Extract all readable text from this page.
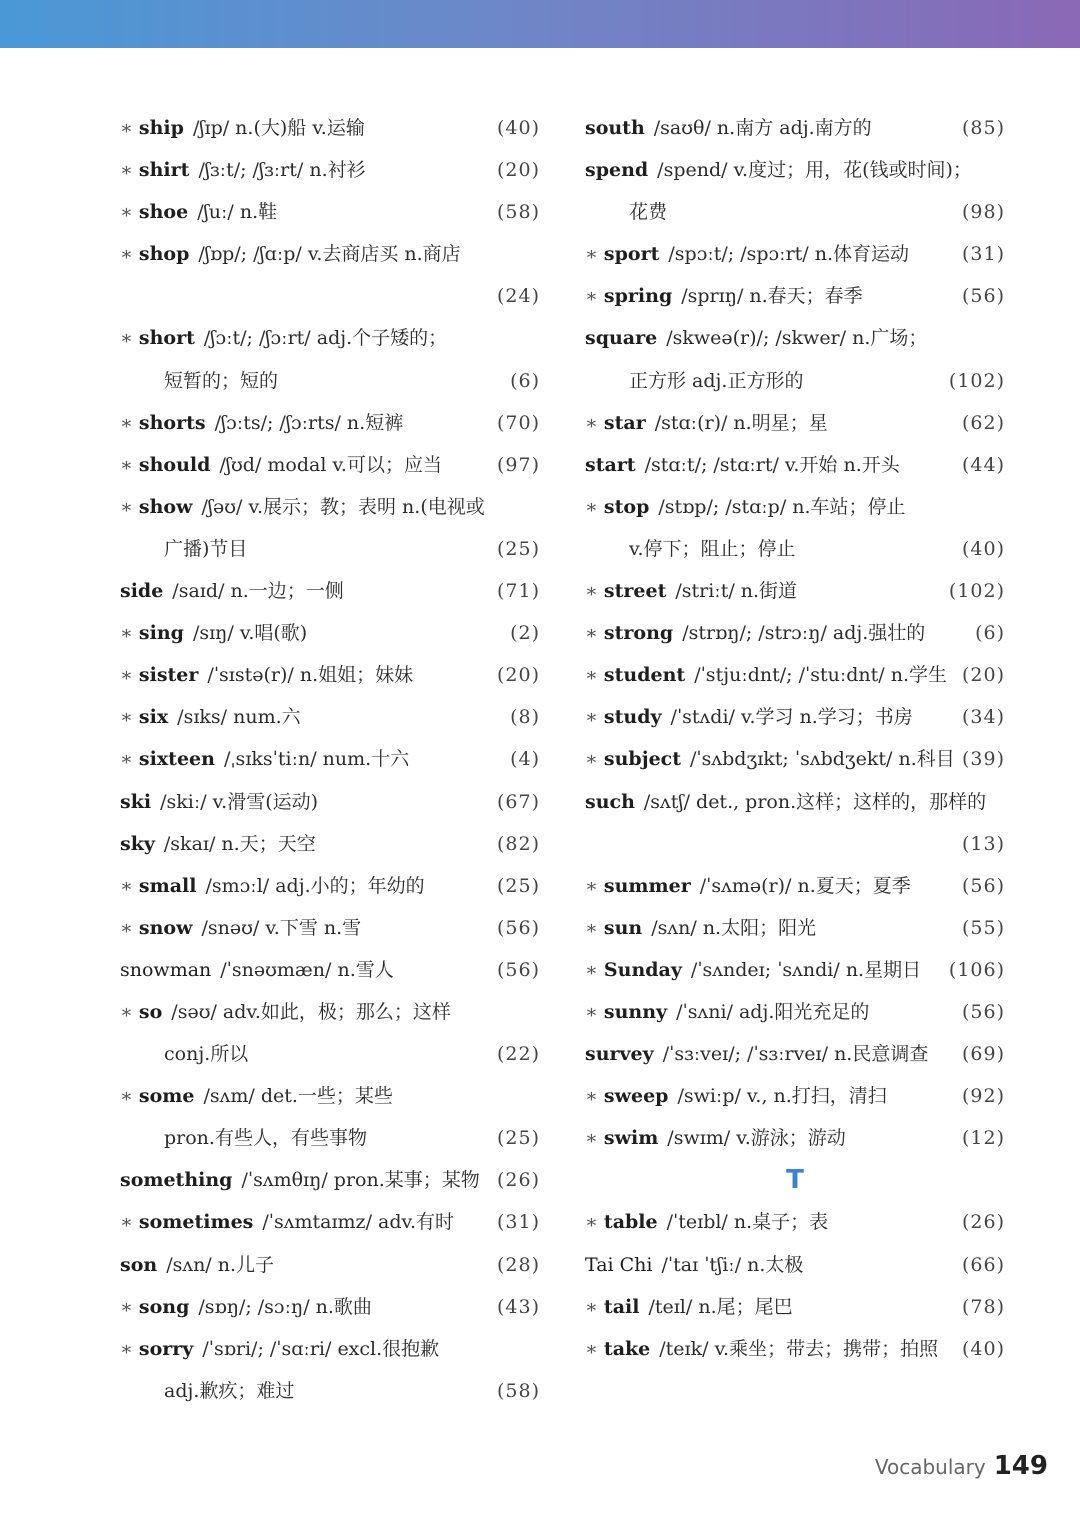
∗ ship /ʃɪp/ n.(大)船 v.运输	(40)
∗ shirt /ʃɜːt/; /ʃɜːrt/ n.衬衫	(20)
∗ shoe /ʃuː/ n.鞋	(58)
∗ shop /ʃɒp/; /ʃɑːp/ v.去商店买 n.商店
(24)
∗ short /ʃɔːt/; /ʃɔːrt/ adj.个子矮的；
短暂的；短的	(6)
∗ shorts /ʃɔːts/; /ʃɔːrts/ n.短裤	(70)
∗ should /ʃʊd/ modal v.可以；应当	(97)
∗ show /ʃəʊ/ v.展示；教；表明 n.(电视或
广播)节目	(25)
side /saɪd/ n.一边；一侧	(71)
∗ sing /sɪŋ/ v.唱(歌)	(2)
∗ sister /ˈsɪstə(r)/ n.姐姐；妹妹	(20)
∗ six /sɪks/ num.六	(8)
∗ sixteen /ˌsɪksˈtiːn/ num.十六	(4)
ski /skiː/ v.滑雪(运动)	(67)
sky /skaɪ/ n.天；天空	(82)
∗ small /smɔːl/ adj.小的；年幼的	(25)
∗ snow /snəʊ/ v.下雪 n.雪	(56)
snowman /ˈsnəʊmæn/ n.雪人	(56)
∗ so /səʊ/ adv.如此，极；那么；这样
conj.所以	(22)
∗ some /sʌm/ det.一些；某些
pron.有些人，有些事物	(25)
something /ˈsʌmθɪŋ/ pron.某事；某物 (26)
∗ sometimes /ˈsʌmtaɪmz/ adv.有时 (31)
son /sʌn/ n.儿子	(28)
∗ song /sɒŋ/; /sɔːŋ/ n.歌曲	(43)
∗ sorry /ˈsɒri/; /ˈsɑːri/ excl.很抱歉
adj.歉疚；难过	(58)
south /saʊθ/ n.南方 adj.南方的	(85)
spend /spend/ v.度过；用，花(钱或时间)；
花费	(98)
∗ sport /spɔːt/; /spɔːrt/ n.体育运动	(31)
∗ spring /sprɪŋ/ n.春天；春季	(56)
square /skweə(r)/; /skwer/ n.广场；
正方形 adj.正方形的	(102)
∗ star /stɑː(r)/ n.明星；星	(62)
start /stɑːt/; /stɑːrt/ v.开始 n.开头	(44)
∗ stop /stɒp/; /stɑːp/ n.车站；停止
v.停下；阻止；停止	(40)
∗ street /striːt/ n.街道	(102)
∗ strong /strɒŋ/; /strɔːŋ/ adj.强壮的	(6)
∗ student /ˈstjuːdnt/; /ˈstuːdnt/ n.学生 (20)
∗ study /ˈstʌdi/ v.学习 n.学习；书房	(34)
∗ subject /ˈsʌbdʒɪkt; ˈsʌbdʒekt/ n.科目 (39)
such /sʌtʃ/ det., pron.这样；这样的，那样的
(13)
∗ summer /ˈsʌmə(r)/ n.夏天；夏季	(56)
∗ sun /sʌn/ n.太阳；阳光	(55)
∗ Sunday /ˈsʌndeɪ; ˈsʌndi/ n.星期日 (106)
∗ sunny /ˈsʌni/ adj.阳光充足的	(56)
survey /ˈsɜːveɪ/; /ˈsɜːrveɪ/ n.民意调查 (69)
∗ sweep /swiːp/ v., n.打扫，清扫	(92)
∗ swim /swɪm/ v.游泳；游动	(12)
T
∗ table /ˈteɪbl/ n.桌子；表	(26)
Tai Chi /ˈtaɪ ˈtʃiː/ n.太极	(66)
∗ tail /teɪl/ n.尾；尾巴	(78)
∗ take /teɪk/ v.乘坐；带去；携带；拍照 (40)
Vocabulary 149
